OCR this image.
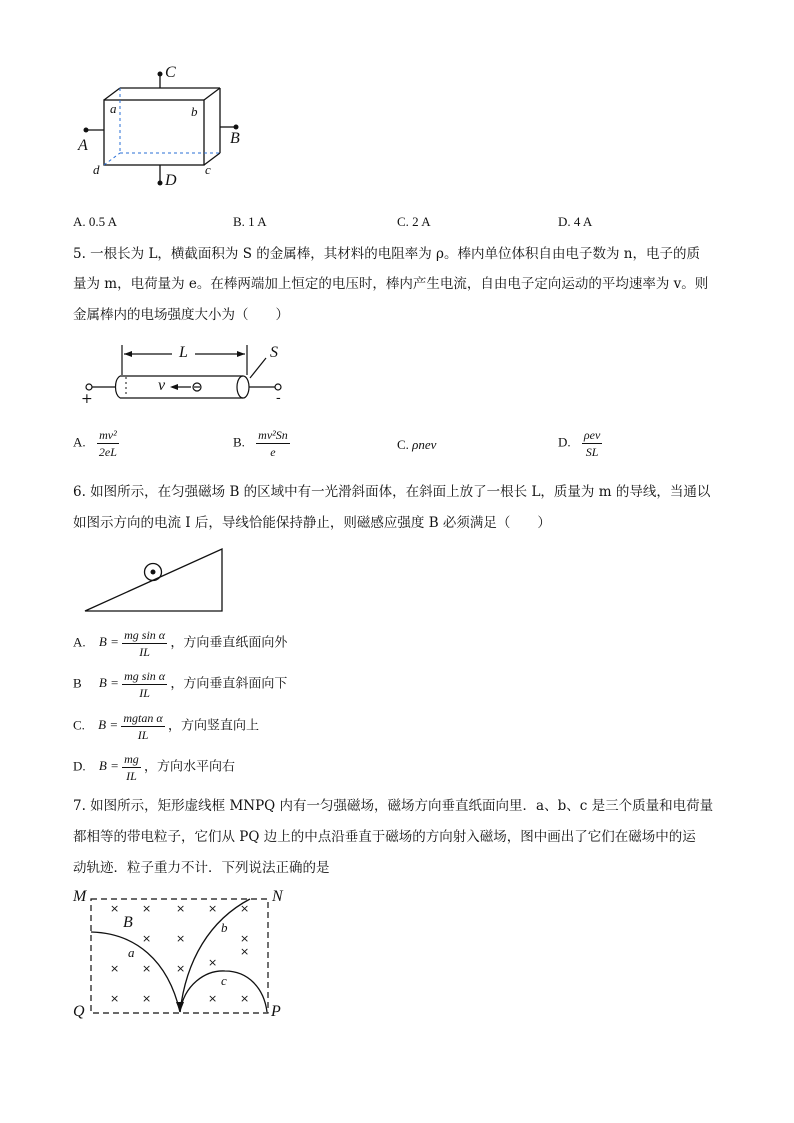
C
a	b
A	B
d	c
D
A. 0.5 A	B. 1 A	C. 2 A	D. 4 A
5. 一根长为 L，横截面积为 S 的金属棒，其材料的电阻率为 ρ。棒内单位体积自由电子数为 n，电子的质
量为 m，电荷量为 e。在棒两端加上恒定的电压时，棒内产生电流，自由电子定向运动的平均速率为 v。则
金属棒内的电场强度大小为（　　）
L	S
v
+	-
A. $\frac{\text{mv²}}{2eL}$	B. $\frac{\text{mv²Sn}}{e}$	C. ρnev	D. $\frac{\text{ρev}}{SL}$
6. 如图所示，在匀强磁场 B 的区域中有一光滑斜面体，在斜面上放了一根长 L，质量为 m 的导线，当通以
如图示方向的电流 I 后，导线恰能保持静止，则磁感应强度 B 必须满足（　　）
A. $B = \frac{\text{mg sin α}}{IL}$ ，方向垂直纸面向外
B $B = \frac{\text{mg sin α}}{IL}$ ，方向垂直斜面向下
C. $B = \frac{\text{mgtan α}}{IL}$ ，方向竖直向上
D. $B = \frac{mg}{IL}$ ，方向水平向右
7. 如图所示，矩形虚线框 MNPQ 内有一匀强磁场，磁场方向垂直纸面向里．a、b、c 是三个质量和电荷量
都相等的带电粒子，它们从 PQ 边上的中点沿垂直于磁场的方向射入磁场，图中画出了它们在磁场中的运
动轨迹．粒子重力不计．下列说法正确的是
M	N
Q	P
B
a
b
c
× × × × ×
×	×
×
× × ×
×
×
× ×	× ×
